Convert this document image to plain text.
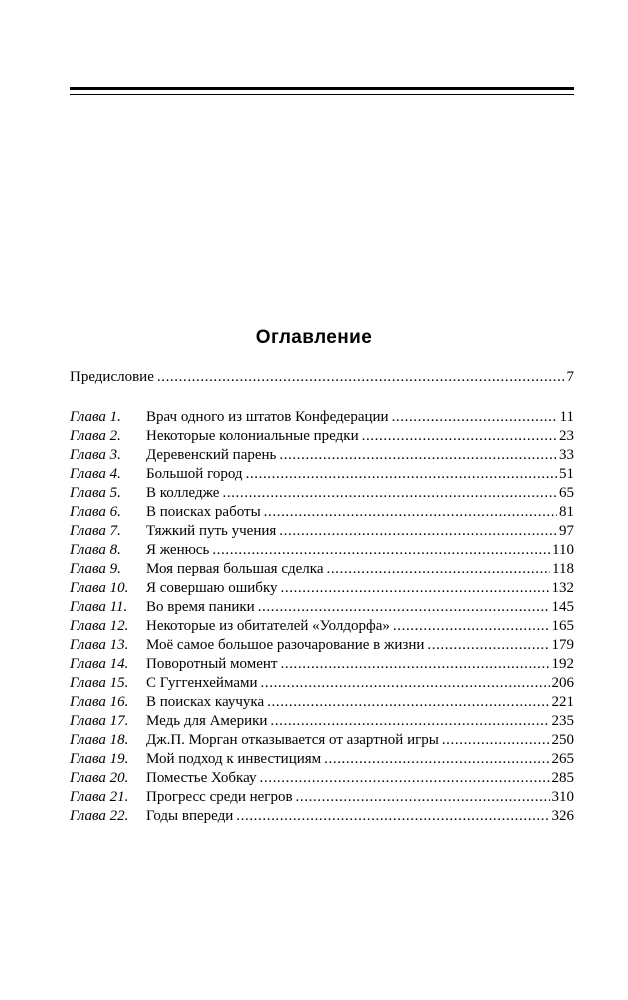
Оглавление
Предисловие .....	7
Глава 1.	Врач одного из штатов Конфедерации .....	11
Глава 2.	Некоторые колониальные предки .....	23
Глава 3.	Деревенский парень .....	33
Глава 4.	Большой город .....	51
Глава 5.	В колледже .....	65
Глава 6.	В поисках работы .....	81
Глава 7.	Тяжкий путь учения .....	97
Глава 8.	Я женюсь .....	110
Глава 9.	Моя первая большая сделка .....	118
Глава 10.	Я совершаю ошибку .....	132
Глава 11.	Во время паники .....	145
Глава 12.	Некоторые из обитателей «Уолдорфа» .....	165
Глава 13.	Моё самое большое разочарование в жизни .....	179
Глава 14.	Поворотный момент .....	192
Глава 15.	С Гуггенхеймами .....	206
Глава 16.	В поисках каучука .....	221
Глава 17.	Медь для Америки .....	235
Глава 18.	Дж.П. Морган отказывается от азартной игры .....	250
Глава 19.	Мой подход к инвестициям .....	265
Глава 20.	Поместье Хобкау .....	285
Глава 21.	Прогресс среди негров .....	310
Глава 22.	Годы впереди .....	326
